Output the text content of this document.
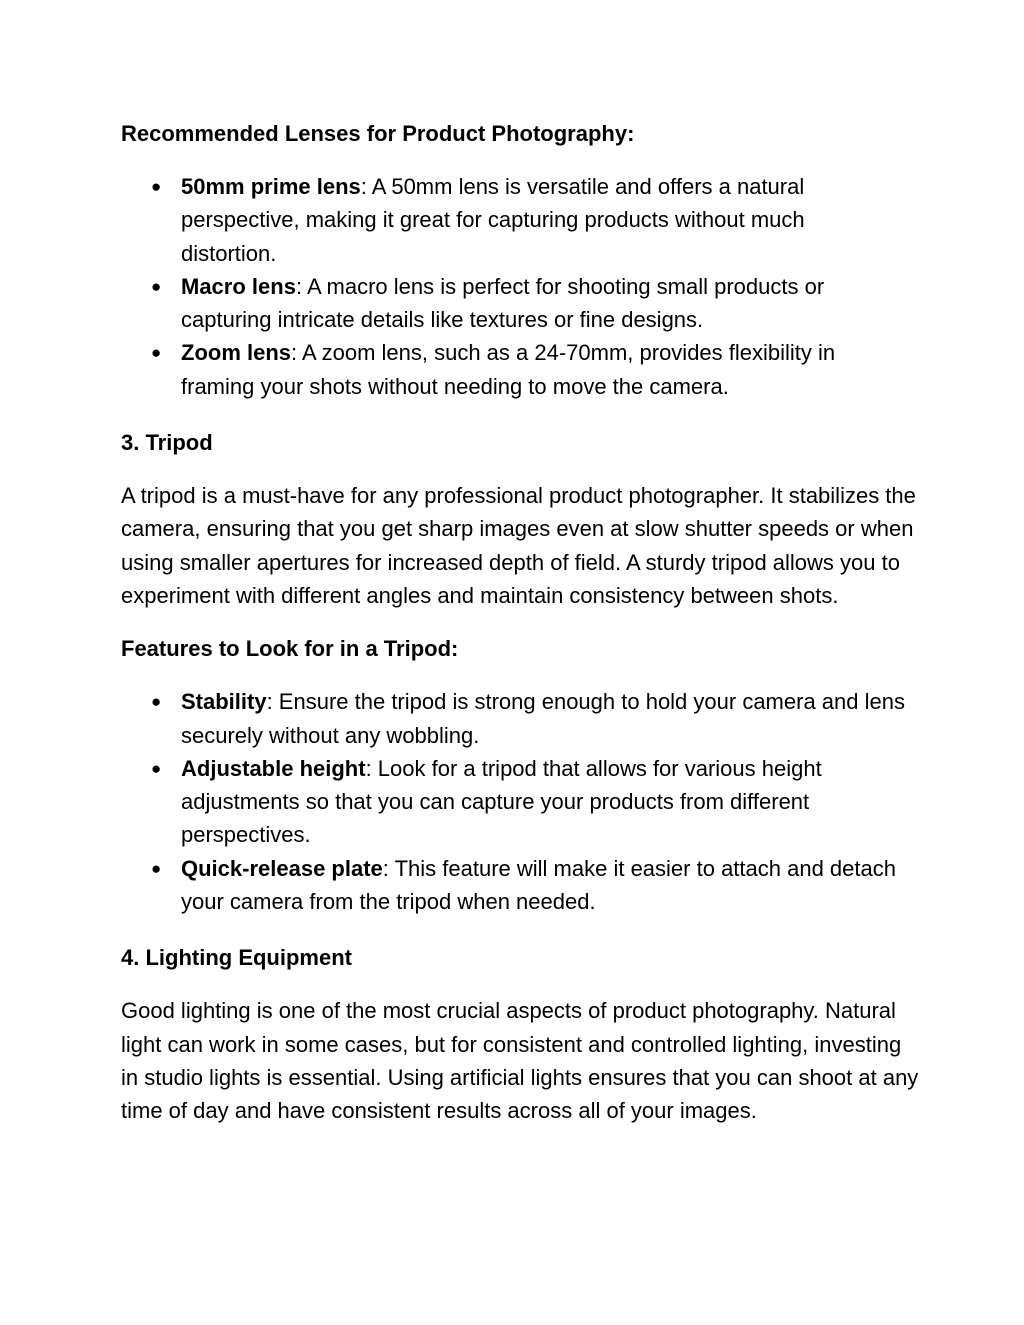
Recommended Lenses for Product Photography:

● 50mm prime lens: A 50mm lens is versatile and offers a natural perspective, making it great for capturing products without much distortion.
● Macro lens: A macro lens is perfect for shooting small products or capturing intricate details like textures or fine designs.
● Zoom lens: A zoom lens, such as a 24-70mm, provides flexibility in framing your shots without needing to move the camera.

3. Tripod

A tripod is a must-have for any professional product photographer. It stabilizes the camera, ensuring that you get sharp images even at slow shutter speeds or when using smaller apertures for increased depth of field. A sturdy tripod allows you to experiment with different angles and maintain consistency between shots.

Features to Look for in a Tripod:

● Stability: Ensure the tripod is strong enough to hold your camera and lens securely without any wobbling.
● Adjustable height: Look for a tripod that allows for various height adjustments so that you can capture your products from different perspectives.
● Quick-release plate: This feature will make it easier to attach and detach your camera from the tripod when needed.

4. Lighting Equipment

Good lighting is one of the most crucial aspects of product photography. Natural light can work in some cases, but for consistent and controlled lighting, investing in studio lights is essential. Using artificial lights ensures that you can shoot at any time of day and have consistent results across all of your images.
